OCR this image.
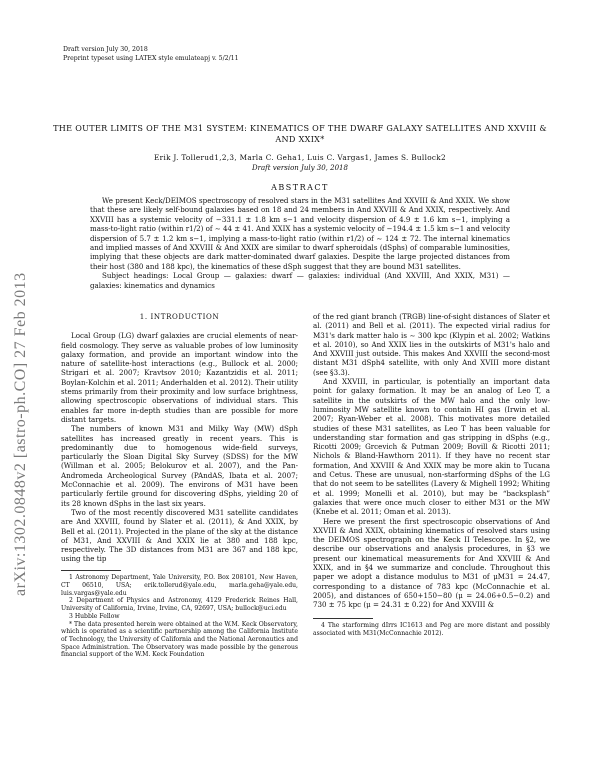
Draft version July 30, 2018
Preprint typeset using LATEX style emulateapj v. 5/2/11
arXiv:1302.0848v2 [astro-ph.CO] 27 Feb 2013
THE OUTER LIMITS OF THE M31 SYSTEM: KINEMATICS OF THE DWARF GALAXY SATELLITES AND XXVIII & AND XXIX*
Erik J. Tollerud1,2,3, Marla C. Geha1, Luis C. Vargas1, James S. Bullock2
Draft version July 30, 2018
ABSTRACT

We present Keck/DEIMOS spectroscopy of resolved stars in the M31 satellites And XXVIII & And XXIX. We show that these are likely self-bound galaxies based on 18 and 24 members in And XXVIII & And XXIX, respectively. And XXVIII has a systemic velocity of −331.1 ± 1.8 km s−1 and velocity dispersion of 4.9 ± 1.6 km s−1, implying a mass-to-light ratio (within r1/2) of ∼ 44 ± 41. And XXIX has a systemic velocity of −194.4 ± 1.5 km s−1 and velocity dispersion of 5.7 ± 1.2 km s−1, implying a mass-to-light ratio (within r1/2) of ∼ 124 ± 72. The internal kinematics and implied masses of And XXVIII & And XXIX are similar to dwarf spheroidals (dSphs) of comparable luminosities, implying that these objects are dark matter-dominated dwarf galaxies. Despite the large projected distances from their host (380 and 188 kpc), the kinematics of these dSph suggest that they are bound M31 satellites.

Subject headings: Local Group — galaxies: dwarf — galaxies: individual (And XXVIII, And XXIX, M31) — galaxies: kinematics and dynamics

1. INTRODUCTION

Local Group (LG) dwarf galaxies are crucial elements of near-field cosmology. They serve as valuable probes of low luminosity galaxy formation, and provide an important window into the nature of satellite-host interactions (e.g., Bullock et al. 2000; Strigari et al. 2007; Kravtsov 2010; Kazantzidis et al. 2011; Boylan-Kolchin et al. 2011; Anderhalden et al. 2012). Their utility stems primarily from their proximity and low surface brightness, allowing spectroscopic observations of individual stars. This enables far more in-depth studies than are possible for more distant targets.

The numbers of known M31 and Milky Way (MW) dSph satellites has increased greatly in recent years. This is predominantly due to homogenous wide-field surveys, particularly the Sloan Digital Sky Survey (SDSS) for the MW (Willman et al. 2005; Belokurov et al. 2007), and the Pan-Andromeda Archeological Survey (PAndAS, Ibata et al. 2007; McConnachie et al. 2009). The environs of M31 have been particularly fertile ground for discovering dSphs, yielding 20 of its 28 known dSphs in the last six years.

Two of the most recently discovered M31 satellite candidates are And XXVIII, found by Slater et al. (2011), & And XXIX, by Bell et al. (2011). Projected in the plane of the sky at the distance of M31, And XXVIII & And XXIX lie at 380 and 188 kpc, respectively. The 3D distances from M31 are 367 and 188 kpc, using the tip

1 Astronomy Department, Yale University, P.O. Box 208101, New Haven, CT 06510, USA; erik.tollerud@yale.edu, marla.geha@yale.edu, luis.vargas@yale.edu

2 Department of Physics and Astronomy, 4129 Frederick Reines Hall, University of California, Irvine, Irvine, CA, 92697, USA; bullock@uci.edu

3 Hubble Fellow

* The data presented herein were obtained at the W.M. Keck Observatory, which is operated as a scientific partnership among the California Institute of Technology, the University of California and the National Aeronautics and Space Administration. The Observatory was made possible by the generous financial support of the W.M. Keck Foundation

of the red giant branch (TRGB) line-of-sight distances of Slater et al. (2011) and Bell et al. (2011). The expected virial radius for M31's dark matter halo is ∼ 300 kpc (Klypin et al. 2002; Watkins et al. 2010), so And XXIX lies in the outskirts of M31's halo and And XXVIII just outside. This makes And XXVIII the second-most distant M31 dSph4 satellite, with only And XVIII more distant (see §3.3).

And XXVIII, in particular, is potentially an important data point for galaxy formation. It may be an analog of Leo T, a satellite in the outskirts of the MW halo and the only low-luminosity MW satellite known to contain HI gas (Irwin et al. 2007; Ryan-Weber et al. 2008). This motivates more detailed studies of these M31 satellites, as Leo T has been valuable for understanding star formation and gas stripping in dSphs (e.g., Ricotti 2009; Grcevich & Putman 2009; Bovill & Ricotti 2011; Nichols & Bland-Hawthorn 2011). If they have no recent star formation, And XXVIII & And XXIX may be more akin to Tucana and Cetus. These are unusual, non-starforming dSphs of the LG that do not seem to be satellites (Lavery & Mighell 1992; Whiting et al. 1999; Monelli et al. 2010), but may be “backsplash” galaxies that were once much closer to either M31 or the MW (Knebe et al. 2011; Oman et al. 2013).

Here we present the first spectroscopic observations of And XXVIII & And XXIX, obtaining kinematics of resolved stars using the DEIMOS spectrograph on the Keck II Telescope. In §2, we describe our observations and analysis procedures, in §3 we present our kinematical measurements for And XXVIII & And XXIX, and in §4 we summarize and conclude. Throughout this paper we adopt a distance modulus to M31 of μM31 = 24.47, corresponding to a distance of 783 kpc (McConnachie et al. 2005), and distances of 650+150−80 (μ = 24.06+0.5−0.2) and 730 ± 75 kpc (μ = 24.31 ± 0.22) for And XXVIII &

4 The starforming dIrrs IC1613 and Peg are more distant and possibly associated with M31(McConnachie 2012).
